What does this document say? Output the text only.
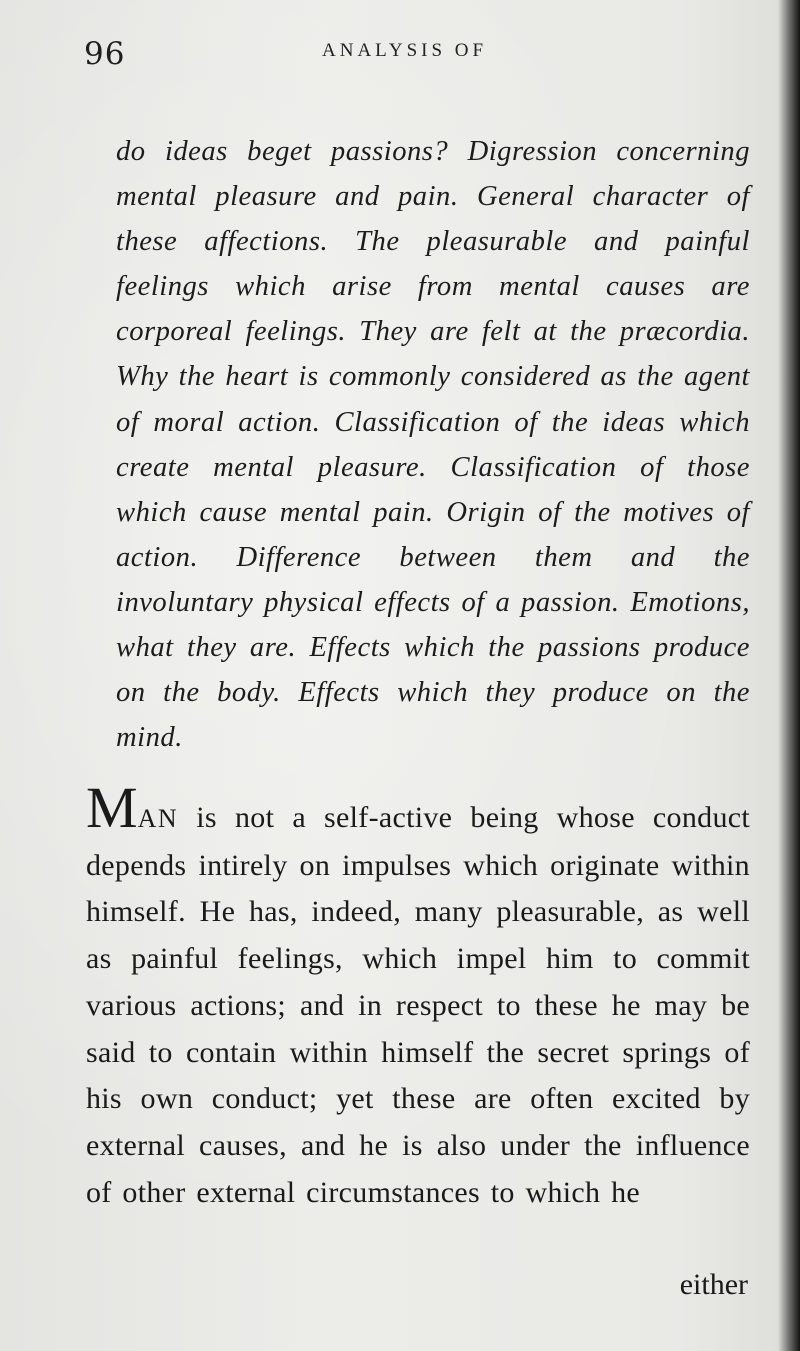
96	ANALYSIS OF

do ideas beget passions? Digression concerning mental pleasure and pain. General character of these affections. The pleasurable and painful feelings which arise from mental causes are corporeal feelings. They are felt at the præcordia. Why the heart is commonly considered as the agent of moral action. Classification of the ideas which create mental pleasure. Classification of those which cause mental pain. Origin of the motives of action. Difference between them and the involuntary physical effects of a passion. Emotions, what they are. Effects which the passions produce on the body. Effects which they produce on the mind.

MAN is not a self-active being whose conduct depends intirely on impulses which originate within himself. He has, indeed, many pleasurable, as well as painful feelings, which impel him to commit various actions; and in respect to these he may be said to contain within himself the secret springs of his own conduct; yet these are often excited by external causes, and he is also under the influence of other external circumstances to which he

either
